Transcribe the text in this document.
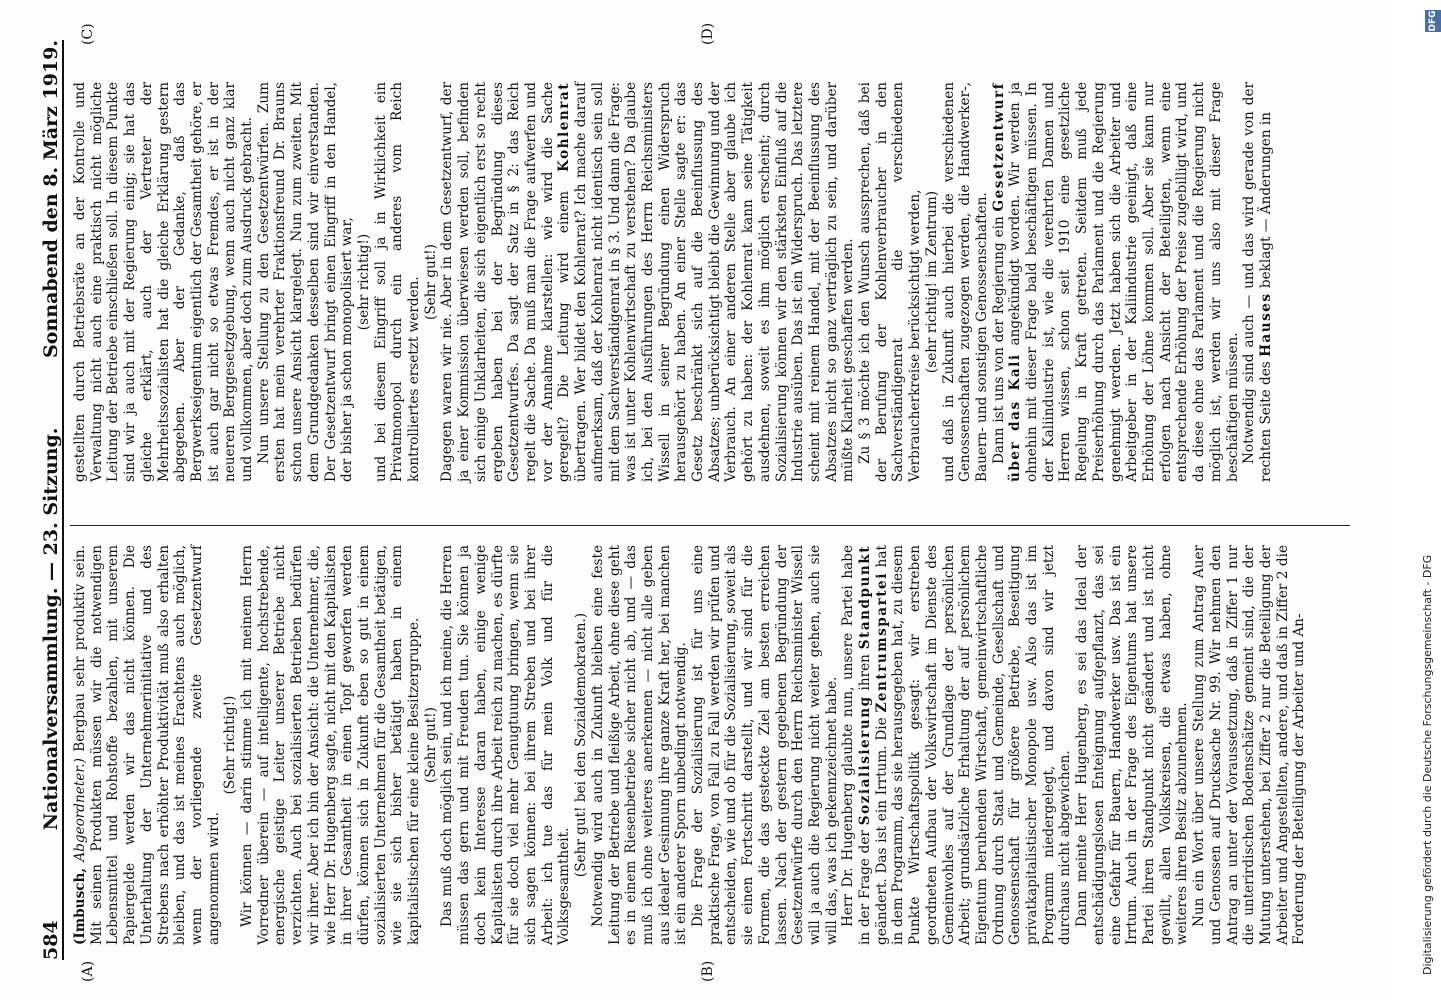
584
Nationalversammlung. — 23. Sitzung.
Sonnabend den 8. März 1919.
(A)	(B)
(C)	(D)

(Imbusch, Abgeordneter.) Bergbau sehr produktiv sein. Mit seinen Produkten müssen wir die notwendigen Lebensmittel und Rohstoffe bezahlen, mit unserem Papiergelde werden wir das nicht können. Die Unterhaltung der Unternehmerinitiative und des Strebens nach erhöhter Produktivität muß also erhalten bleiben, und das ist meines Erachtens auch möglich, wenn der vorliegende zweite Gesetzentwurf angenommen wird.

(Sehr richtig!) Wir können — darin stimme ich mit meinem Herrn Vorredner überein — auf intelligente, hochstrebende, energische geistige Leiter unserer Betriebe nicht verzichten. Auch bei sozialisierten Betrieben bedürfen wir ihrer. Aber ich bin der Ansicht: die Unternehmer, die, wie Herr Dr. Hugenberg sagte, nicht mit den Kapitalisten in ihrer Gesamtheit in einen Topf geworfen werden dürfen, können sich in Zukunft eben so gut in einem sozialisierten Unternehmen für die Gesamtheit betätigen, wie sie sich bisher betätigt haben in einem kapitalistischen für eine kleine Besitzergruppe. (Sehr gut!) Das muß doch möglich sein, und ich meine, die Herren müssen das gern und mit Freuden tun. Sie können ja doch kein Interesse daran haben, einige wenige Kapitalisten durch ihre Arbeit reich zu machen, es dürfte für sie doch viel mehr Genugtuung bringen, wenn sie sich sagen können: bei ihrem Streben und bei ihrer Arbeit: ich tue das für mein Volk und für die Volksgesamtheit.

(Sehr gut! bei den Sozialdemokraten.) Notwendig wird auch in Zukunft bleiben eine feste Leitung der Betriebe und fleißige Arbeit, ohne diese geht es in einem Riesenbetriebe sicher nicht ab, und — das muß ich ohne weiteres anerkennen — nicht alle geben aus idealer Gesinnung ihre ganze Kraft her, bei manchen ist ein anderer Sporn unbedingt notwendig. Die Frage der Sozialisierung ist für uns eine praktische Frage, von Fall zu Fall werden wir prüfen und entscheiden, wie und ob für die Sozialisierung, soweit als sie einen Fortschritt darstellt, und wir sind für die Formen, die das gesteckte Ziel am besten erreichen lassen. Nach der gestern gegebenen Begründung der Gesetzentwürfe durch den Herrn Reichsminister Wissell will ja auch die Regierung nicht weiter gehen, auch sie will das, was ich gekennzeichnet habe. Herr Dr. Hugenberg glaubte nun, unsere Partei habe in der Frage der Sozialisierung ihren Standpunkt geändert. Das ist ein Irrtum. Die Zentrumspartei hat in dem Programm, das sie herausgegeben hat, zu diesem Punkte Wirtschaftspolitik gesagt: wir erstreben geordneten Aufbau der Volkswirtschaft im Dienste des Gemeinwohles auf der Grundlage der persönlichen Arbeit; grundsätzliche Erhaltung der auf persönlichem Eigentum beruhenden Wirtschaft, gemeinwirtschaftliche Ordnung durch Staat und Gemeinde, Gesellschaft und Genossenschaft für größere Betriebe, Beseitigung privatkapitalistischer Monopole usw. Also das ist im Programm niedergelegt, und davon sind wir jetzt durchaus nicht abgewichen. Dann meinte Herr Hugenberg, es sei das Ideal der entschädigungslosen Enteignung aufgepflanzt, das sei eine Gefahr für Bauern, Handwerker usw. Das ist ein Irrtum. Auch in der Frage des Eigentums hat unsere Partei ihren Standpunkt nicht geändert und ist nicht gewillt, allen Volkskreisen, die etwas haben, ohne weiteres ihren Besitz abzunehmen. Nun ein Wort über unsere Stellung zum Antrag Auer und Genossen auf Drucksache Nr. 99. Wir nehmen den Antrag an unter der Voraussetzung, daß in Ziffer 1 nur die unterirdischen Bodenschätze gemeint sind, die der Mutung unterstehen, bei Ziffer 2 nur die Beteiligung der Arbeiter und Angestellten, andere, und daß in Ziffer 2 die Forderung der Beteiligung der Arbeiter und An-

gestellten durch Betriebsräte an der Kontrolle und Verwaltung nicht auch eine praktisch nicht mögliche Leitung der Betriebe einschließen soll. In diesem Punkte sind wir ja auch mit der Regierung einig; sie hat das gleiche erklärt, auch der Vertreter der Mehrheitssozialisten hat die gleiche Erklärung gestern abgegeben. Aber der Gedanke, daß das Bergwerkseigentum eigentlich der Gesamtheit gehöre, er ist auch gar nicht so etwas Fremdes, er ist in der neueren Berggesetzgebung, wenn auch nicht ganz klar und vollkommen, aber doch zum Ausdruck gebracht. Nun unsere Stellung zu den Gesetzentwürfen. Zum ersten hat mein verehrter Fraktionsfreund Dr. Brauns schon unsere Ansicht klargelegt. Nun zum zweiten. Mit dem Grundgedanken desselben sind wir einverstanden. Der Gesetzentwurf bringt einen Eingriff in den Handel, der bisher ja schon monopolisiert war, (sehr richtig!) und bei diesem Eingriff soll ja in Wirklichkeit ein Privatmonopol durch ein anderes vom Reich kontrolliertes ersetzt werden. (Sehr gut!) Dagegen waren wir nie. Aber in dem Gesetzentwurf, der ja einer Kommission überwiesen werden soll, befinden sich einige Unklarheiten, die sich eigentlich erst so recht ergeben haben bei der Begründung dieses Gesetzentwurfes. Da sagt der Satz in § 2: das Reich regelt die Sache. Da muß man die Frage aufwerfen und vor der Annahme klarstellen: wie wird die Sache geregelt? Die Leitung wird einem Kohlenrat übertragen. Wer bildet den Kohlenrat? Ich mache darauf aufmerksam, daß der Kohlenrat nicht identisch sein soll mit dem Sachverständigenrat in § 3. Und dann die Frage: was ist unter Kohlenwirtschaft zu verstehen? Da glaube ich, bei den Ausführungen des Herrn Reichsministers Wissell in seiner Begründung einen Widerspruch herausgehört zu haben. An einer Stelle sagte er: das Gesetz beschränkt sich auf die Beeinflussung des Absatzes; unberücksichtigt bleibt die Gewinnung und der Verbrauch. An einer anderen Stelle aber glaube ich gehört zu haben: der Kohlenrat kann seine Tätigkeit ausdehnen, soweit es ihm möglich erscheint; durch Sozialisierung können wir den stärksten Einfluß auf die Industrie ausüben. Das ist ein Widerspruch. Das letztere scheint mit reinem Handel, mit der Beeinflussung des Absatzes nicht so ganz verträglich zu sein, und darüber müßte Klarheit geschaffen werden. Zu § 3 möchte ich den Wunsch aussprechen, daß bei der Berufung der Kohlenverbraucher in den Sachverständigenrat die verschiedenen Verbraucherkreise berücksichtigt werden, (sehr richtig! im Zentrum) und daß in Zukunft auch hierbei die verschiedenen Genossenschaften zugezogen werden, die Handwerker-, Bauern- und sonstigen Genossenschaften. Dann ist uns von der Regierung ein Gesetzentwurf über das Kali angekündigt worden. Wir werden ja ohnehin mit dieser Frage bald beschäftigen müssen. In der Kaliindustrie ist, wie die verehrten Damen und Herren wissen, schon seit 1910 eine gesetzliche Regelung in Kraft getreten. Seitdem muß jede Preiserhöhung durch das Parlament und die Regierung genehmigt werden. Jetzt haben sich die Arbeiter und Arbeitgeber in der Kaliindustrie geeinigt, daß eine Erhöhung der Löhne kommen soll. Aber sie kann nur erfolgen nach Ansicht der Beteiligten, wenn eine entsprechende Erhöhung der Preise zugebilligt wird, und da diese ohne das Parlament und die Regierung nicht möglich ist, werden wir uns also mit dieser Frage beschäftigen müssen. Notwendig sind auch — und das wird gerade von der rechten Seite des Hauses beklagt — Änderungen in

DFG
Digitalisierung gefördert durch die Deutsche Forschungsgemeinschaft - DFG
